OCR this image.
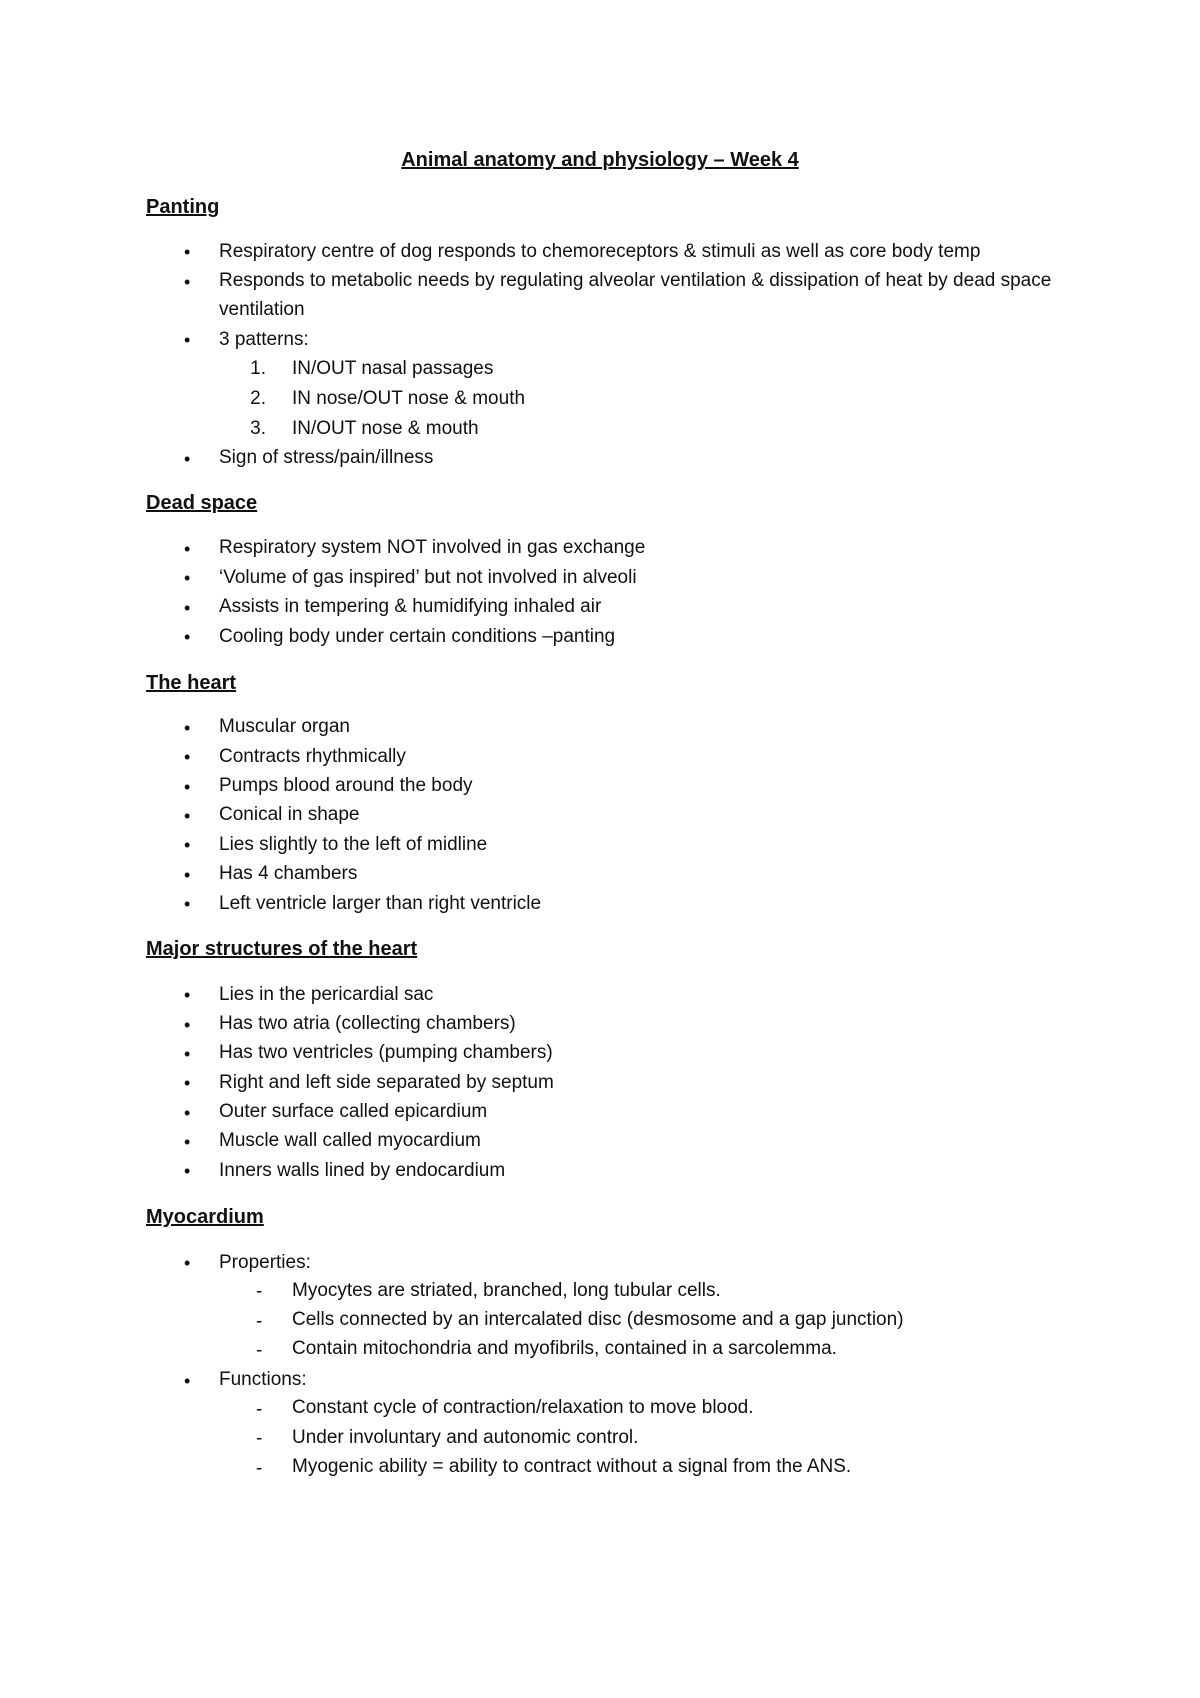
Animal anatomy and physiology – Week 4
Panting
• Respiratory centre of dog responds to chemoreceptors & stimuli as well as core body temp
• Responds to metabolic needs by regulating alveolar ventilation & dissipation of heat by dead space ventilation
• 3 patterns:
1. IN/OUT nasal passages
2. IN nose/OUT nose & mouth
3. IN/OUT nose & mouth
• Sign of stress/pain/illness
Dead space
• Respiratory system NOT involved in gas exchange
• ‘Volume of gas inspired’ but not involved in alveoli
• Assists in tempering & humidifying inhaled air
• Cooling body under certain conditions –panting
The heart
• Muscular organ
• Contracts rhythmically
• Pumps blood around the body
• Conical in shape
• Lies slightly to the left of midline
• Has 4 chambers
• Left ventricle larger than right ventricle
Major structures of the heart
• Lies in the pericardial sac
• Has two atria (collecting chambers)
• Has two ventricles (pumping chambers)
• Right and left side separated by septum
• Outer surface called epicardium
• Muscle wall called myocardium
• Inners walls lined by endocardium
Myocardium
• Properties:
- Myocytes are striated, branched, long tubular cells.
- Cells connected by an intercalated disc (desmosome and a gap junction)
- Contain mitochondria and myofibrils, contained in a sarcolemma.
• Functions:
- Constant cycle of contraction/relaxation to move blood.
- Under involuntary and autonomic control.
- Myogenic ability = ability to contract without a signal from the ANS.
